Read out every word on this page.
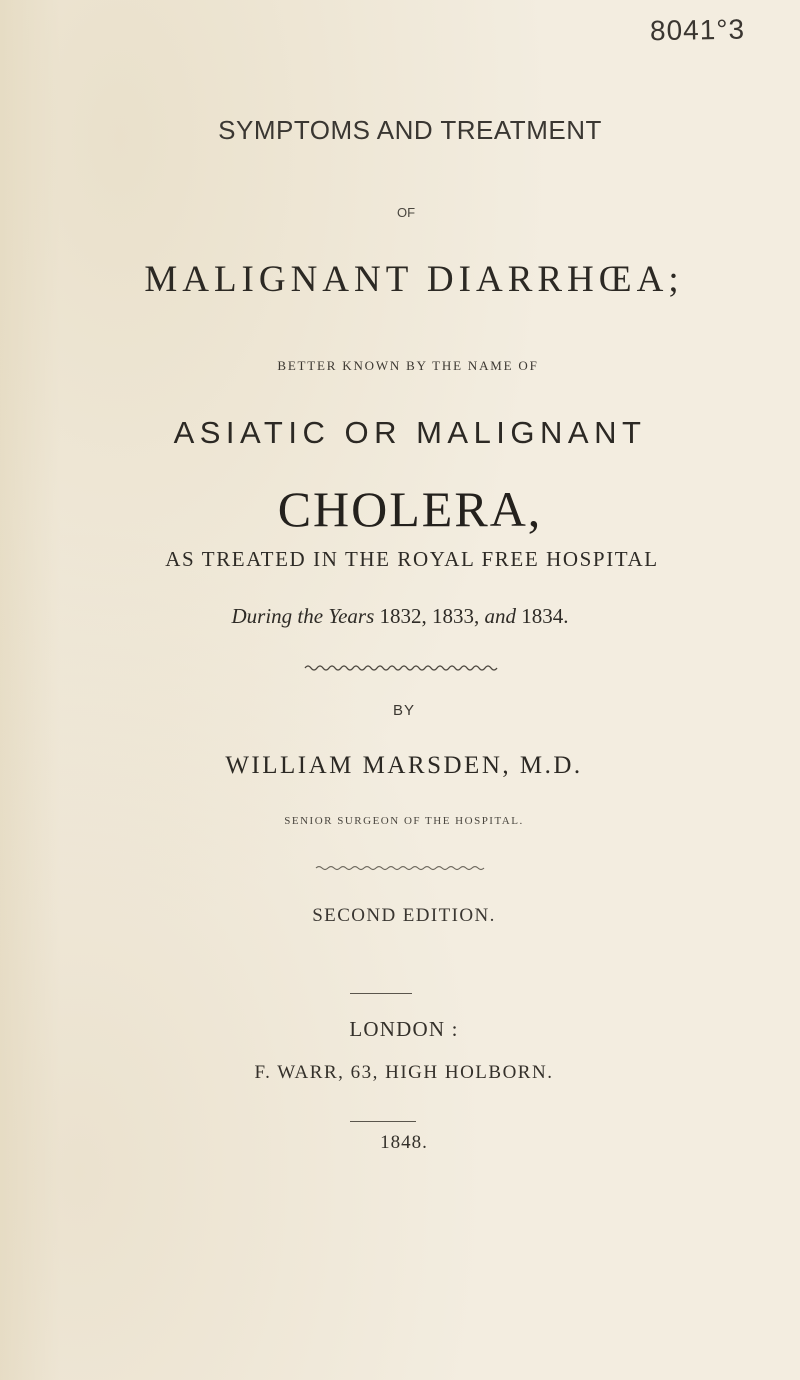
8041°3

SYMPTOMS AND TREATMENT

OF

MALIGNANT DIARRHŒA;

BETTER KNOWN BY THE NAME OF

ASIATIC OR MALIGNANT

CHOLERA,

AS TREATED IN THE ROYAL FREE HOSPITAL

During the Years 1832, 1833, and 1834.

BY

WILLIAM MARSDEN, M.D.

SENIOR SURGEON OF THE HOSPITAL.

SECOND EDITION.

LONDON :

F. WARR, 63, HIGH HOLBORN.

1848.
